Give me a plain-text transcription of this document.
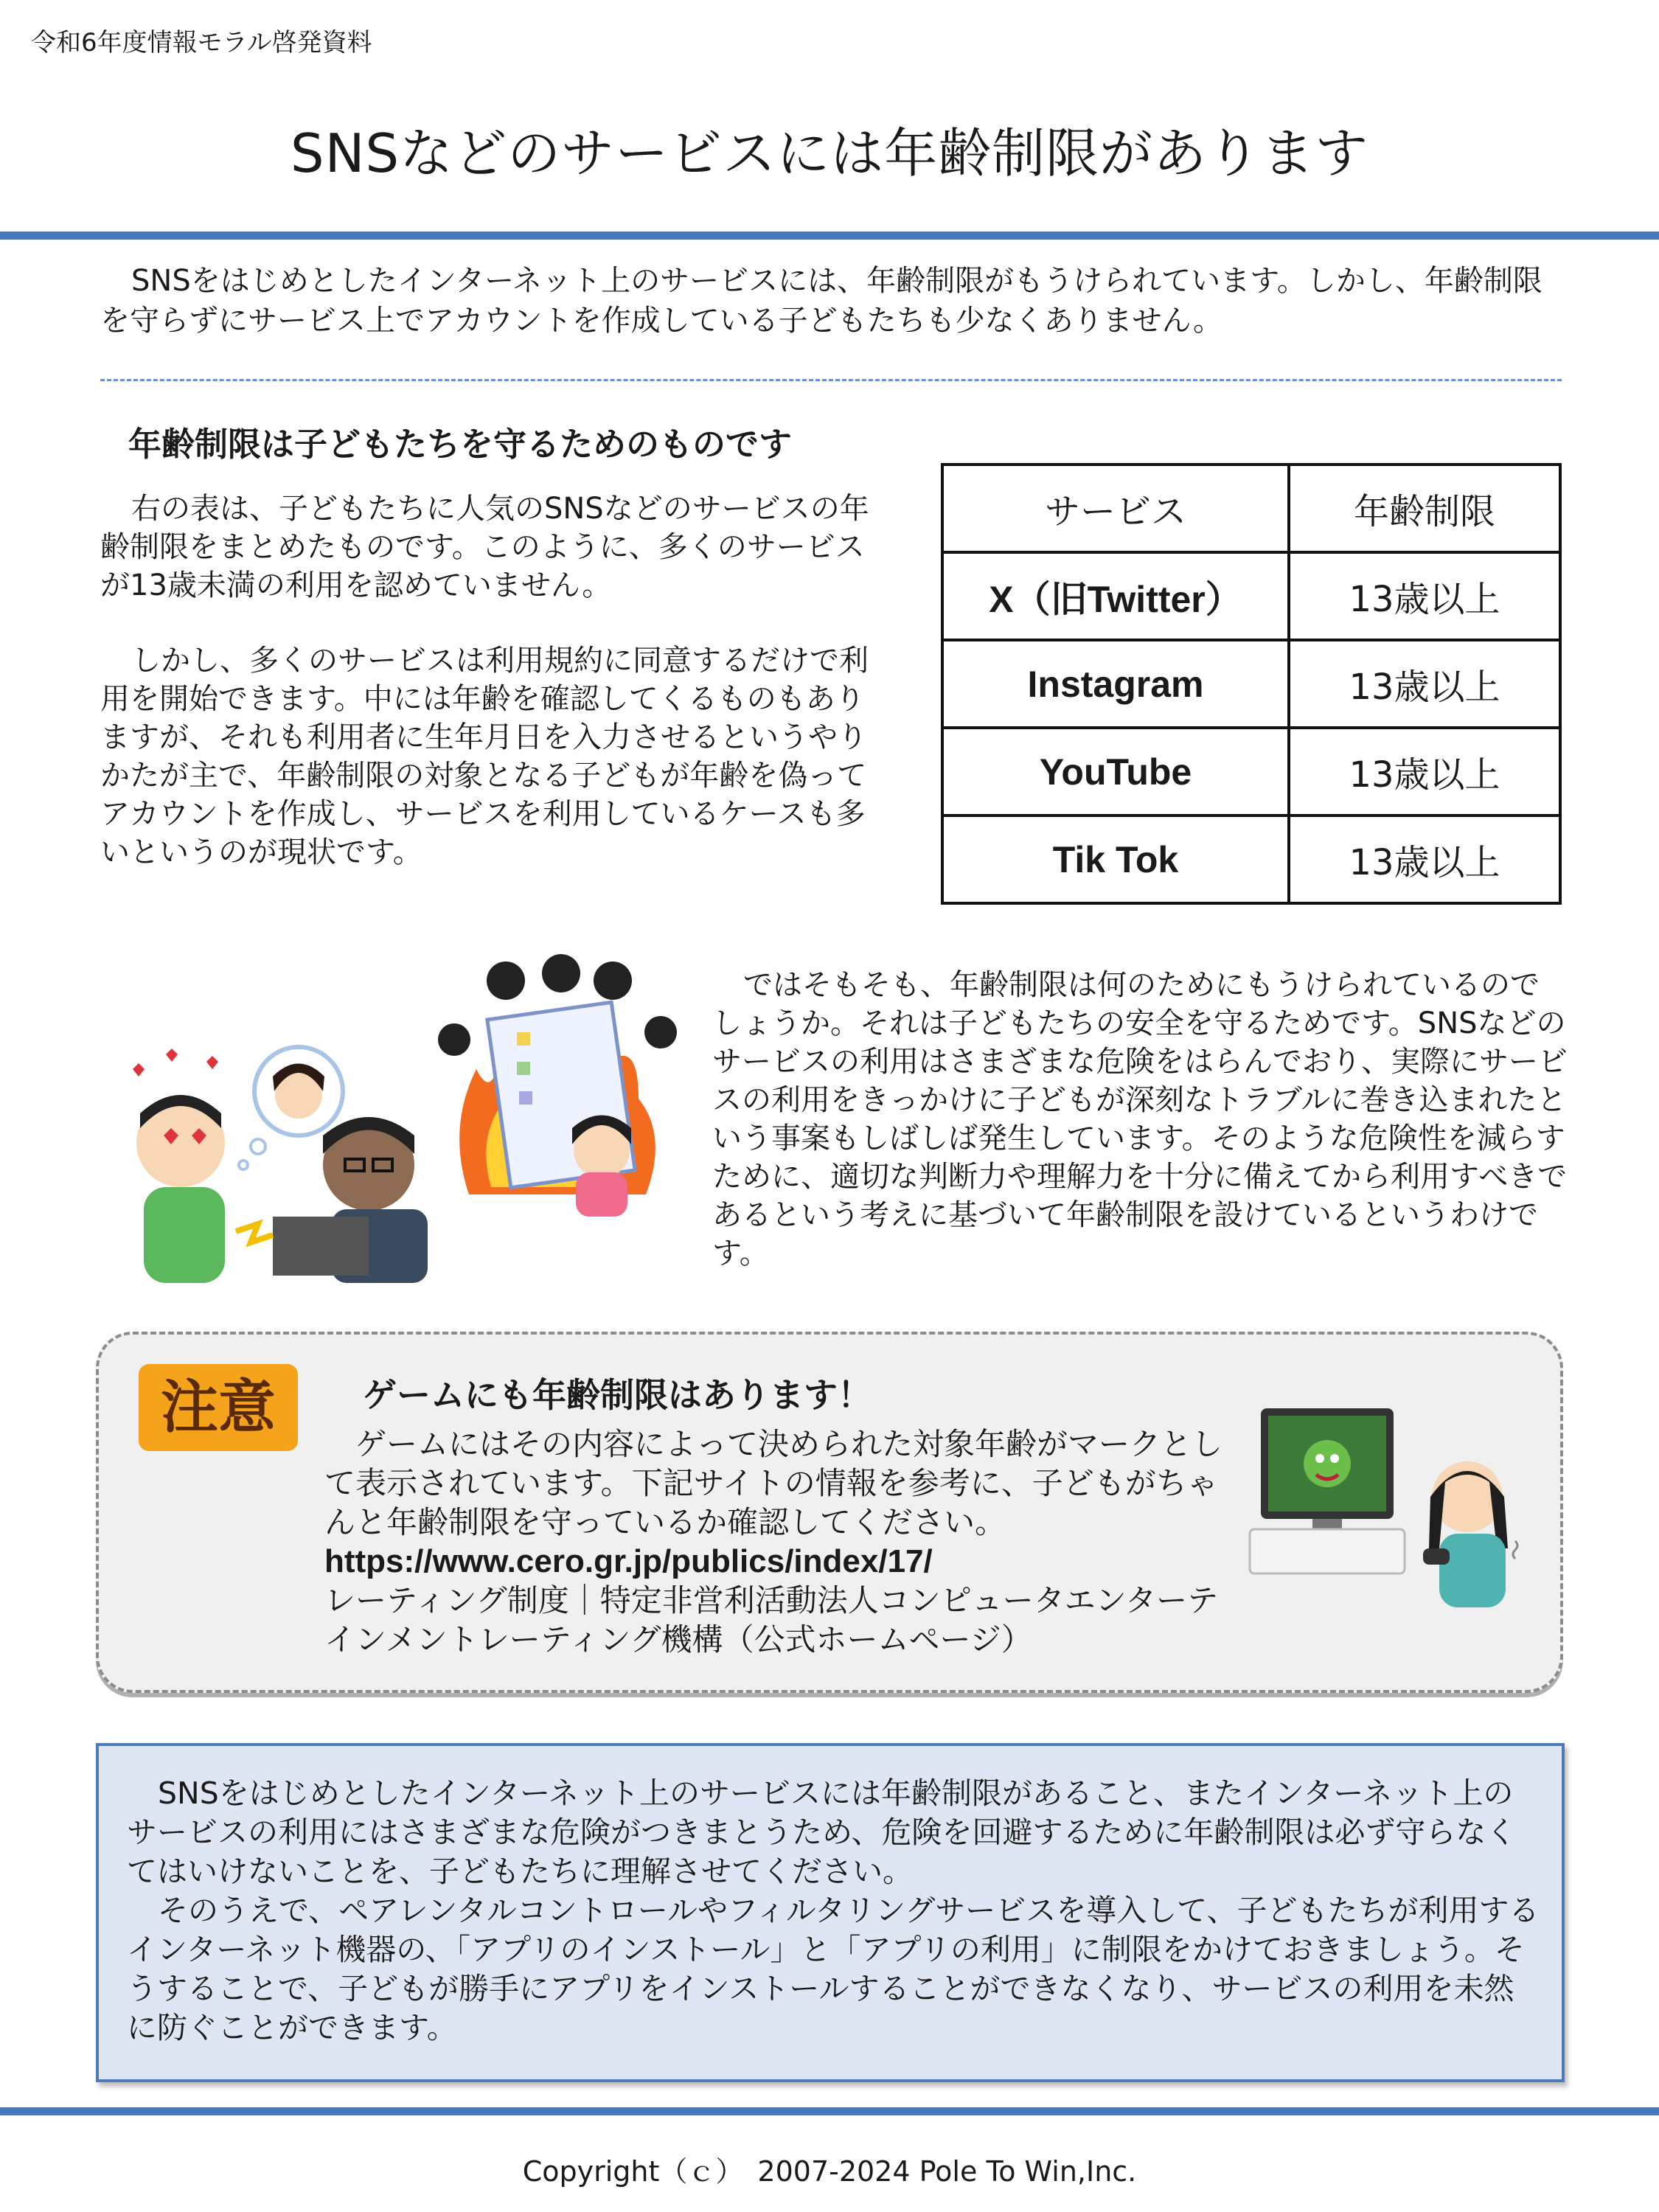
令和6年度情報モラル啓発資料
SNSなどのサービスには年齢制限があります
SNSをはじめとしたインターネット上のサービスには、年齢制限がもうけられています。しかし、年齢制限を守らずにサービス上でアカウントを作成している子どもたちも少なくありません。
年齢制限は子どもたちを守るためのものです
右の表は、子どもたちに人気のSNSなどのサービスの年齢制限をまとめたものです。このように、多くのサービスが13歳未満の利用を認めていません。
しかし、多くのサービスは利用規約に同意するだけで利用を開始できます。中には年齢を確認してくるものもありますが、それも利用者に生年月日を入力させるというやりかたが主で、年齢制限の対象となる子どもが年齢を偽ってアカウントを作成し、サービスを利用しているケースも多いというのが現状です。
サービス	年齢制限
X（旧Twitter）	13歳以上
Instagram	13歳以上
YouTube	13歳以上
Tik Tok	13歳以上
ではそもそも、年齢制限は何のためにもうけられているのでしょうか。それは子どもたちの安全を守るためです。SNSなどのサービスの利用はさまざまな危険をはらんでおり、実際にサービスの利用をきっかけに子どもが深刻なトラブルに巻き込まれたという事案もしばしば発生しています。そのような危険性を減らすために、適切な判断力や理解力を十分に備えてから利用すべきであるという考えに基づいて年齢制限を設けているというわけです。
注意	ゲームにも年齢制限はあります！
ゲームにはその内容によって決められた対象年齢がマークとして表示されています。下記サイトの情報を参考に、子どもがちゃんと年齢制限を守っているか確認してください。
https://www.cero.gr.jp/publics/index/17/
レーティング制度｜特定非営利活動法人コンピュータエンターテインメントレーティング機構（公式ホームページ）
SNSをはじめとしたインターネット上のサービスには年齢制限があること、またインターネット上のサービスの利用にはさまざまな危険がつきまとうため、危険を回避するために年齢制限は必ず守らなくてはいけないことを、子どもたちに理解させてください。
そのうえで、ペアレンタルコントロールやフィルタリングサービスを導入して、子どもたちが利用するインターネット機器の、「アプリのインストール」と「アプリの利用」に制限をかけておきましょう。そうすることで、子どもが勝手にアプリをインストールすることができなくなり、サービスの利用を未然に防ぐことができます。
Copyright（ｃ）　2007-2024 Pole To Win,Inc.
